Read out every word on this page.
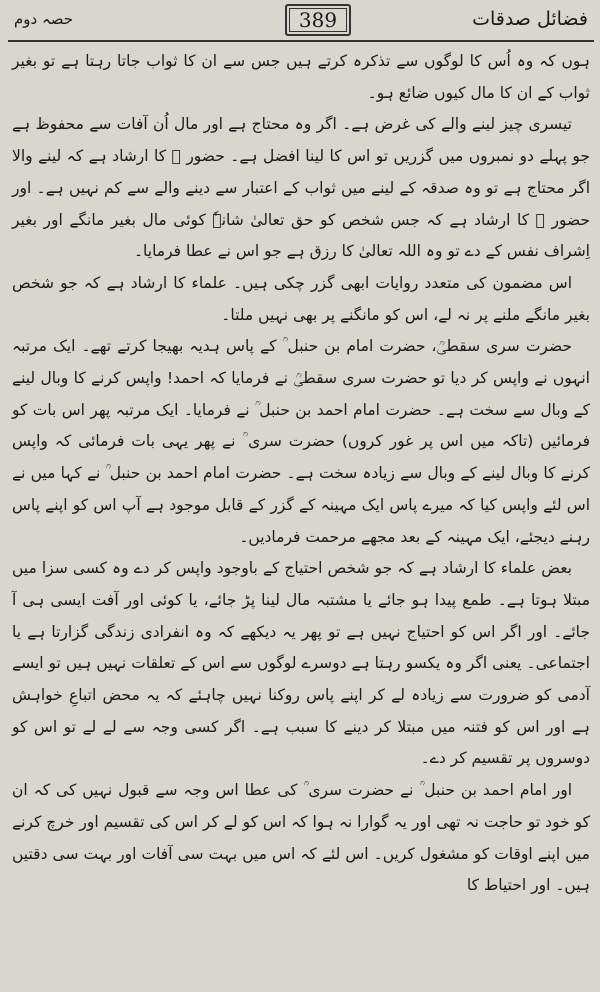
فضائل صدقات
389
حصہ دوم

ہوں کہ وہ اُس کا لوگوں سے تذکرہ کرتے ہیں جس سے ان کا ثواب جاتا رہتا ہے تو بغیر ثواب کے ان کا مال کیوں ضائع ہو۔

تیسری چیز لینے والے کی غرض ہے۔ اگر وہ محتاج ہے اور مال اُن آفات سے محفوظ ہے جو پہلے دو نمبروں میں گزریں تو اس کا لینا افضل ہے۔ حضور ﷺ کا ارشاد ہے کہ لینے والا اگر محتاج ہے تو وہ صدقہ کے لینے میں ثواب کے اعتبار سے دینے والے سے کم نہیں ہے۔ اور حضور ﷺ کا ارشاد ہے کہ جس شخص کو حق تعالیٰ شانہٗ کوئی مال بغیر مانگے اور بغیر اِشراف نفس کے دے تو وہ اللہ تعالیٰ کا رزق ہے جو اس نے عطا فرمایا۔

اس مضمون کی متعدد روایات ابھی گزر چکی ہیں۔ علماء کا ارشاد ہے کہ جو شخص بغیر مانگے ملنے پر نہ لے، اس کو مانگنے پر بھی نہیں ملتا۔

حضرت سری سقطیؒ، حضرت امام بن حنبل ؒ کے پاس ہدیہ بھیجا کرتے تھے۔ ایک مرتبہ انہوں نے واپس کر دیا تو حضرت سری سقطیؒ نے فرمایا کہ احمد! واپس کرنے کا وبال لینے کے وبال سے سخت ہے۔ حضرت امام احمد بن حنبل ؒ نے فرمایا۔ ایک مرتبہ پھر اس بات کو فرمائیں (تاکہ میں اس پر غور کروں) حضرت سری ؒ نے پھر یہی بات فرمائی کہ واپس کرنے کا وبال لینے کے وبال سے زیادہ سخت ہے۔ حضرت امام احمد بن حنبل ؒ نے کہا میں نے اس لئے واپس کیا کہ میرے پاس ایک مہینہ کے گزر کے قابل موجود ہے آپ اس کو اپنے پاس رہنے دیجئے، ایک مہینہ کے بعد مجھے مرحمت فرمادیں۔

بعض علماء کا ارشاد ہے کہ جو شخص احتیاج کے باوجود واپس کر دے وہ کسی سزا میں مبتلا ہوتا ہے۔ طمع پیدا ہو جائے یا مشتبہ مال لینا پڑ جائے، یا کوئی اور آفت ایسی ہی آ جائے۔ اور اگر اس کو احتیاج نہیں ہے تو پھر یہ دیکھے کہ وہ انفرادی زندگی گزارتا ہے یا اجتماعی۔ یعنی اگر وہ یکسو رہتا ہے دوسرے لوگوں سے اس کے تعلقات نہیں ہیں تو ایسے آدمی کو ضرورت سے زیادہ لے کر اپنے پاس روکنا نہیں چاہئے کہ یہ محض اتباعِ خواہش ہے اور اس کو فتنہ میں مبتلا کر دینے کا سبب ہے۔ اگر کسی وجہ سے لے لے تو اس کو دوسروں پر تقسیم کر دے۔

اور امام احمد بن حنبل ؒ نے حضرت سری ؒ کی عطا اس وجہ سے قبول نہیں کی کہ ان کو خود تو حاجت نہ تھی اور یہ گوارا نہ ہوا کہ اس کو لے کر اس کی تقسیم اور خرچ کرنے میں اپنے اوقات کو مشغول کریں۔ اس لئے کہ اس میں بہت سی آفات اور بہت سی دقتیں ہیں۔ اور احتیاط کا
